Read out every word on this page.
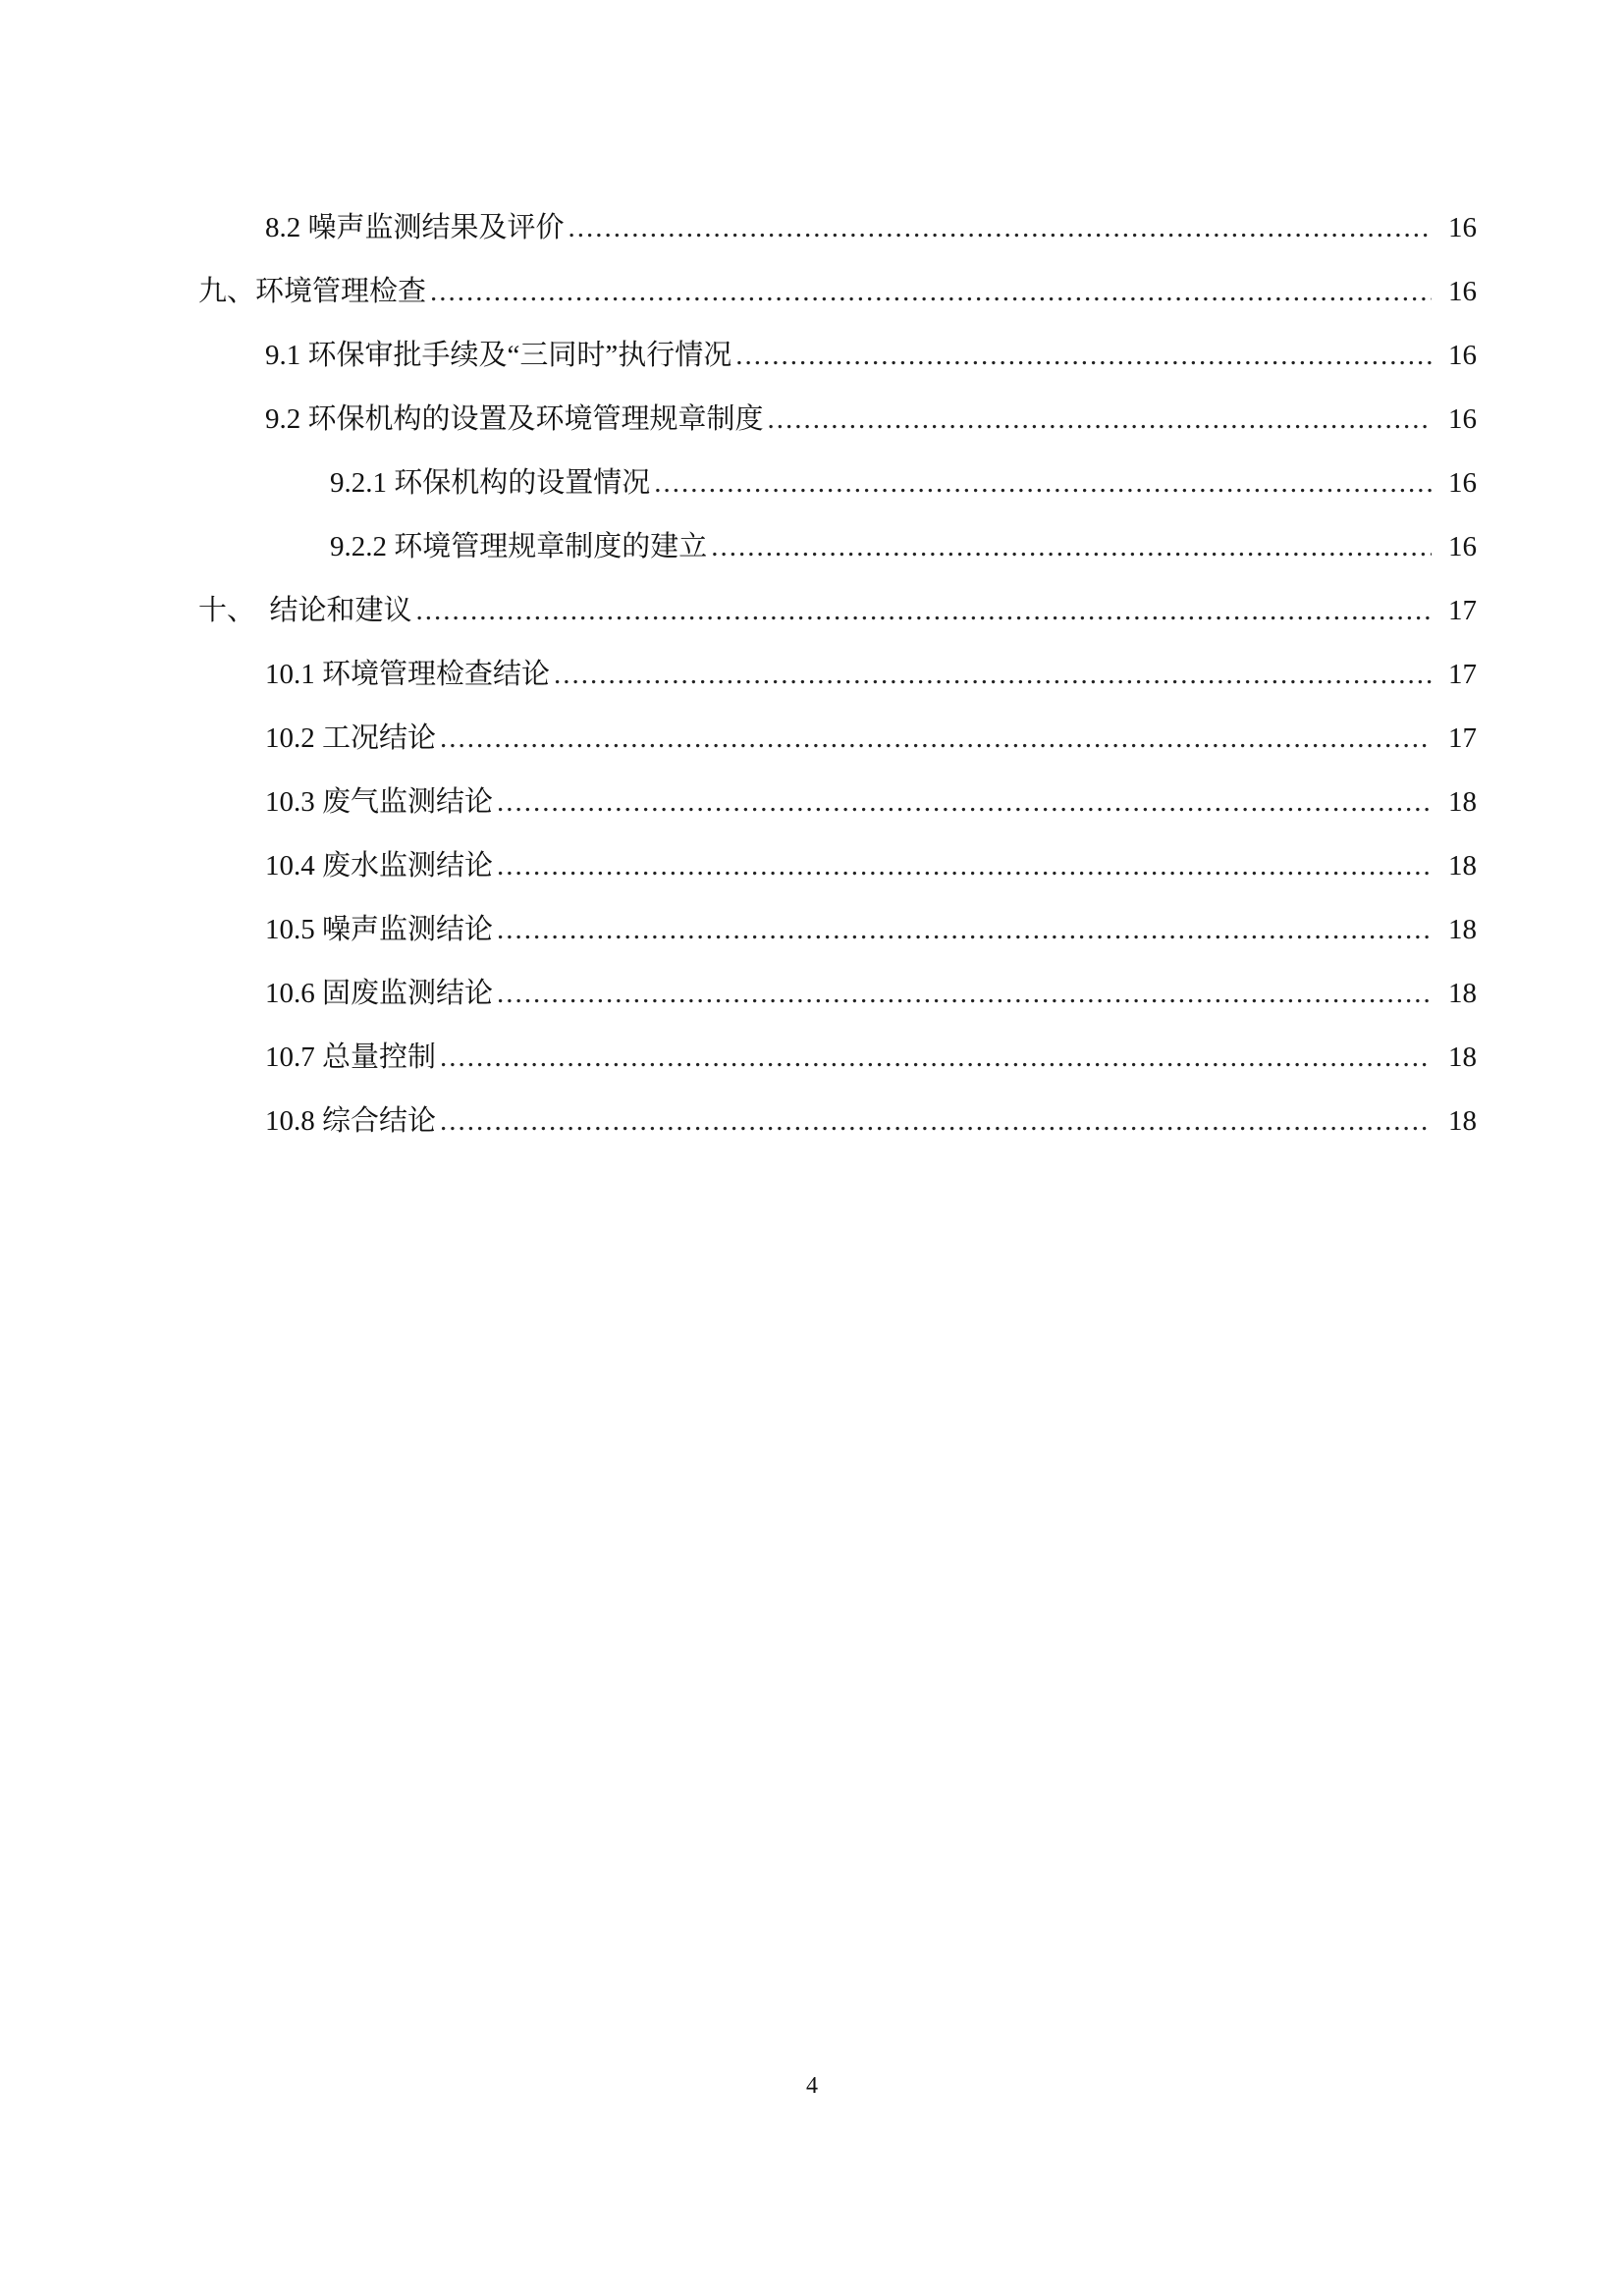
8.2 噪声监测结果及评价 .....	16
九、环境管理检查 .....	16
9.1 环保审批手续及“三同时”执行情况 .....	16
9.2 环保机构的设置及环境管理规章制度 .....	16
9.2.1 环保机构的设置情况 .....	16
9.2.2 环境管理规章制度的建立 .....	16
十、  结论和建议 .....	17
10.1 环境管理检查结论 .....	17
10.2 工况结论 .....	17
10.3 废气监测结论 .....	18
10.4 废水监测结论 .....	18
10.5 噪声监测结论 .....	18
10.6 固废监测结论 .....	18
10.7 总量控制 .....	18
10.8 综合结论 .....	18
4
